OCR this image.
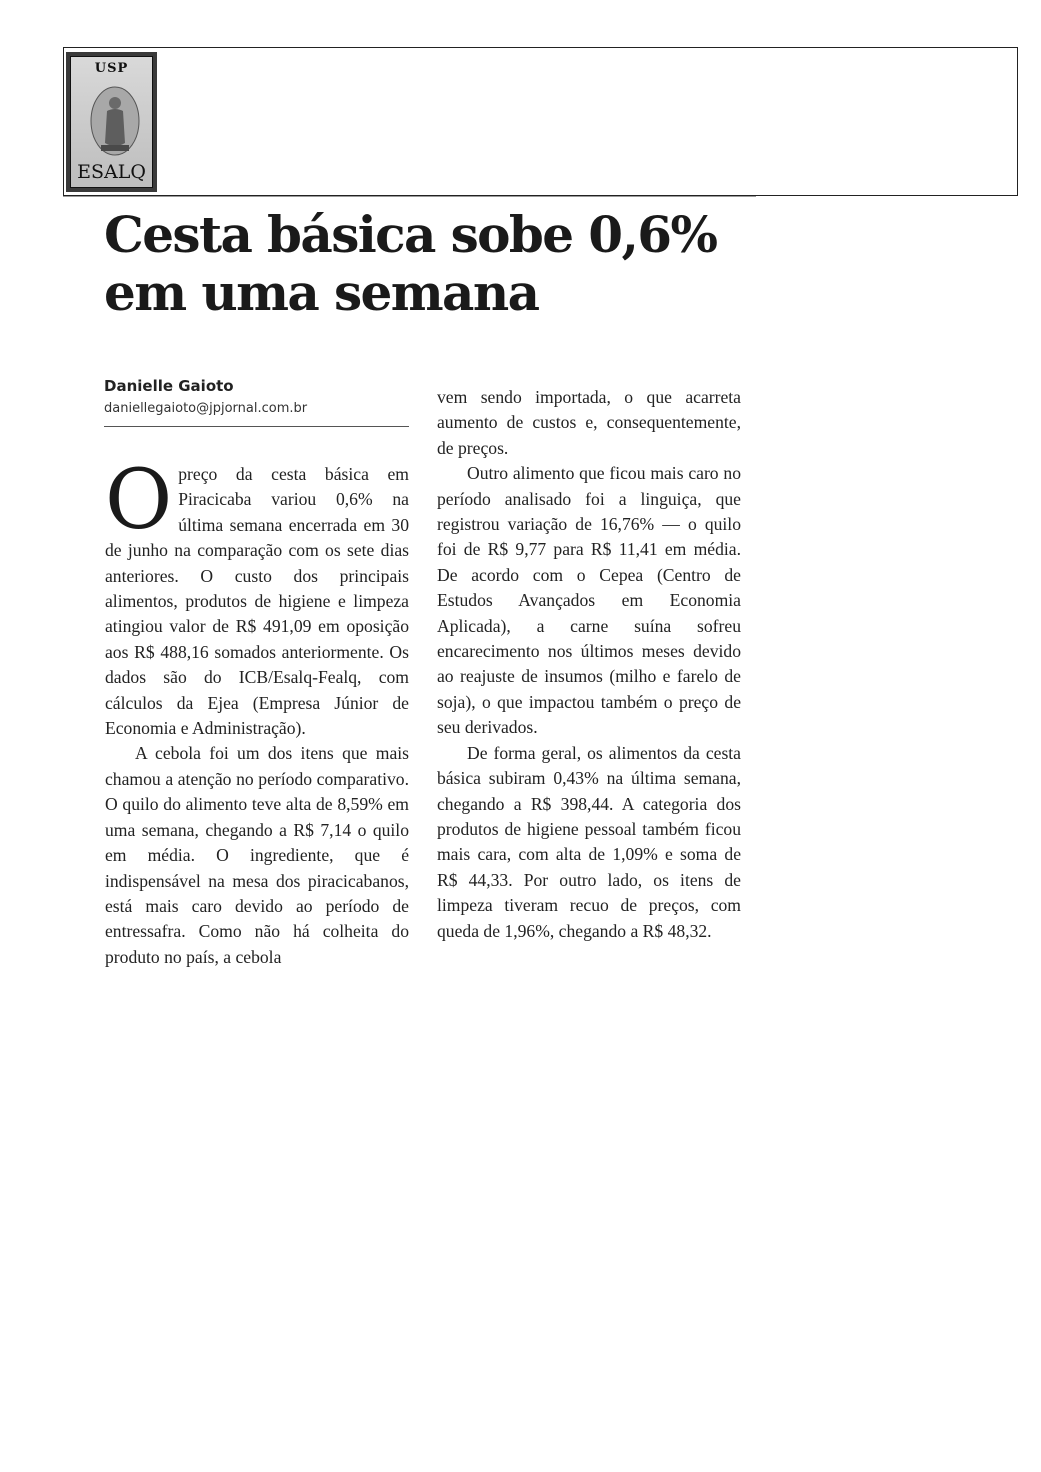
USP
ESALQ
Cesta básica sobe 0,6% em uma semana
Danielle Gaioto
daniellegaioto@jpjornal.com.br

Opreço da cesta básica em Piracicaba variou 0,6% na última semana encerrada em 30 de junho na comparação com os sete dias anteriores. O custo dos principais alimentos, produtos de higiene e limpeza atingiou valor de R$ 491,09 em oposição aos R$ 488,16 somados anteriormente. Os dados são do ICB/Esalq-Fealq, com cálculos da Ejea (Empresa Júnior de Economia e Administração).

A cebola foi um dos itens que mais chamou a atenção no período comparativo. O quilo do alimento teve alta de 8,59% em uma semana, chegando a R$ 7,14 o quilo em média. O ingrediente, que é indispensável na mesa dos piracicabanos, está mais caro devido ao período de entressafra. Como não há colheita do produto no país, a cebola

vem sendo importada, o que acarreta aumento de custos e, consequentemente, de preços.

Outro alimento que ficou mais caro no período analisado foi a linguiça, que registrou variação de 16,76% — o quilo foi de R$ 9,77 para R$ 11,41 em média. De acordo com o Cepea (Centro de Estudos Avançados em Economia Aplicada), a carne suína sofreu encarecimento nos últimos meses devido ao reajuste de insumos (milho e farelo de soja), o que impactou também o preço de seu derivados.

De forma geral, os alimentos da cesta básica subiram 0,43% na última semana, chegando a R$ 398,44. A categoria dos produtos de higiene pessoal também ficou mais cara, com alta de 1,09% e soma de R$ 44,33. Por outro lado, os itens de limpeza tiveram recuo de preços, com queda de 1,96%, chegando a R$ 48,32.
